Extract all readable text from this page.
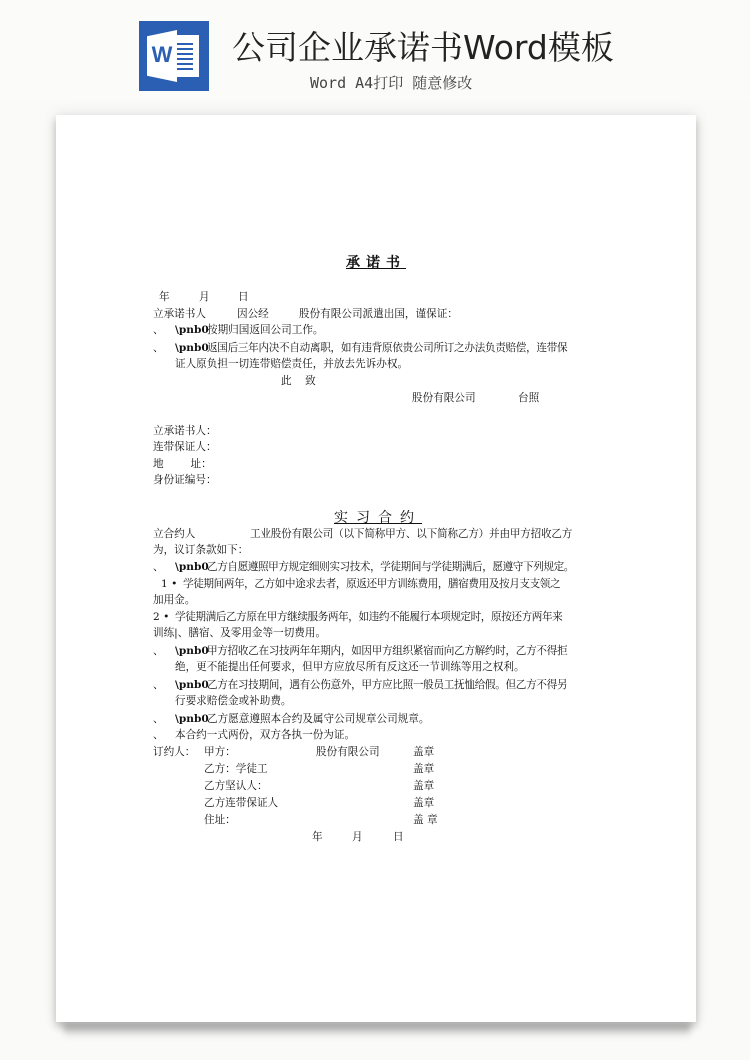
W 公司企业承诺书Word模板
Word A4打印 随意修改
承诺书
年	月	日
立承诺书人	因公经	股份有限公司派遣出国，谨保证：
、 \pnb0
按期归国返回公司工作。
、 \pnb0
返国后三年内决不自动离职，如有违背原依贵公司所订之办法负责赔偿，连带保
证人原负担一切连带赔偿责任，并放去先诉办权。
此    致
股份有限公司	台照
立承诺书人：
连带保证人：
地        址：
身份证编号：
实习合约
立合约人	工业股份有限公司（以下简称甲方、以下简称乙方）并由甲方招收乙方
为，议订条款如下：
、 \pnb0
乙方自愿遵照甲方规定细则实习技术，学徒期间与学徒期满后，愿遵守下列规定。
1 • 学徒期间两年，乙方如中途求去者，原返还甲方训练费用，膳宿费用及按月支支领之
加用金。
2 • 学徒期满后乙方原在甲方继续服务两年，如违约不能履行本项规定时，原按还方两年来
训练|、膳宿、及零用金等一切费用。
、 \pnb0
甲方招收乙在习技两年年期内，如因甲方组织紧宿而向乙方解约时，乙方不得拒
绝，更不能提出任何要求，但甲方应放尽所有反这还一节训练等用之权利。
、 \pnb0
乙方在习技期间，遇有公伤意外，甲方应比照一般员工抚恤给假。但乙方不得另
行要求赔偿金或补助费。
、 \pnb0
乙方愿意遵照本合约及属守公司规章公司规章。
、 本合约一式两份，双方各执一份为证。
订约人： 甲方：	股份有限公司	盖章
乙方：学徒工	盖章
乙方坚认人：	盖章
乙方连带保证人	盖章
住址：	盖 章
年	月	日
